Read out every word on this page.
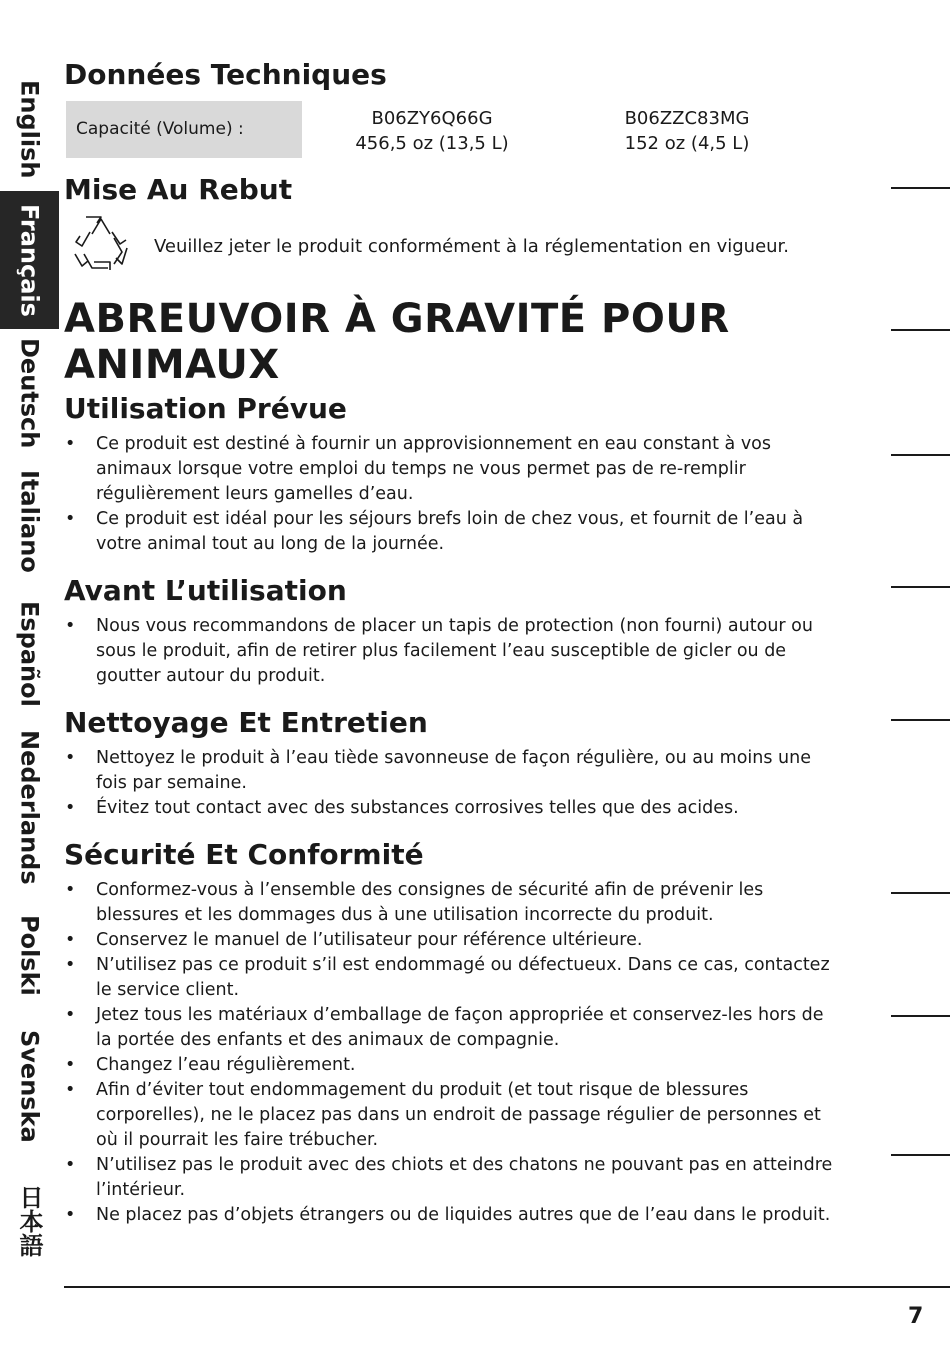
Données Techniques
Capacité (Volume) :	B06ZY6Q66G
456,5 oz (13,5 L)
B06ZZC83MG
152 oz (4,5 L)
Mise Au Rebut
Veuillez jeter le produit conformément à la réglementation en vigueur.
ABREUVOIR À GRAVITÉ POUR
ANIMAUX
Utilisation Prévue
• Ce produit est destiné à fournir un approvisionnement en eau constant à vos animaux lorsque votre emploi du temps ne vous permet pas de re-remplir régulièrement leurs gamelles d’eau.
• Ce produit est idéal pour les séjours brefs loin de chez vous, et fournit de l’eau à votre animal tout au long de la journée.
Avant L’utilisation
• Nous vous recommandons de placer un tapis de protection (non fourni) autour ou sous le produit, afin de retirer plus facilement l’eau susceptible de gicler ou de goutter autour du produit.
Nettoyage Et Entretien
• Nettoyez le produit à l’eau tiède savonneuse de façon régulière, ou au moins une fois par semaine.
• Évitez tout contact avec des substances corrosives telles que des acides.
Sécurité Et Conformité
• Conformez-vous à l’ensemble des consignes de sécurité afin de prévenir les blessures et les dommages dus à une utilisation incorrecte du produit.
• Conservez le manuel de l’utilisateur pour référence ultérieure.
• N’utilisez pas ce produit s’il est endommagé ou défectueux. Dans ce cas, contactez le service client.
• Jetez tous les matériaux d’emballage de façon appropriée et conservez-les hors de la portée des enfants et des animaux de compagnie.
• Changez l’eau régulièrement.
• Afin d’éviter tout endommagement du produit (et tout risque de blessures corporelles), ne le placez pas dans un endroit de passage régulier de personnes et où il pourrait les faire trébucher.
• N’utilisez pas le produit avec des chiots et des chatons ne pouvant pas en atteindre l’intérieur.
• Ne placez pas d’objets étrangers ou de liquides autres que de l’eau dans le produit.
English
Français
Deutsch
Italiano
Español
Nederlands
Polski
Svenska
日本語
7
